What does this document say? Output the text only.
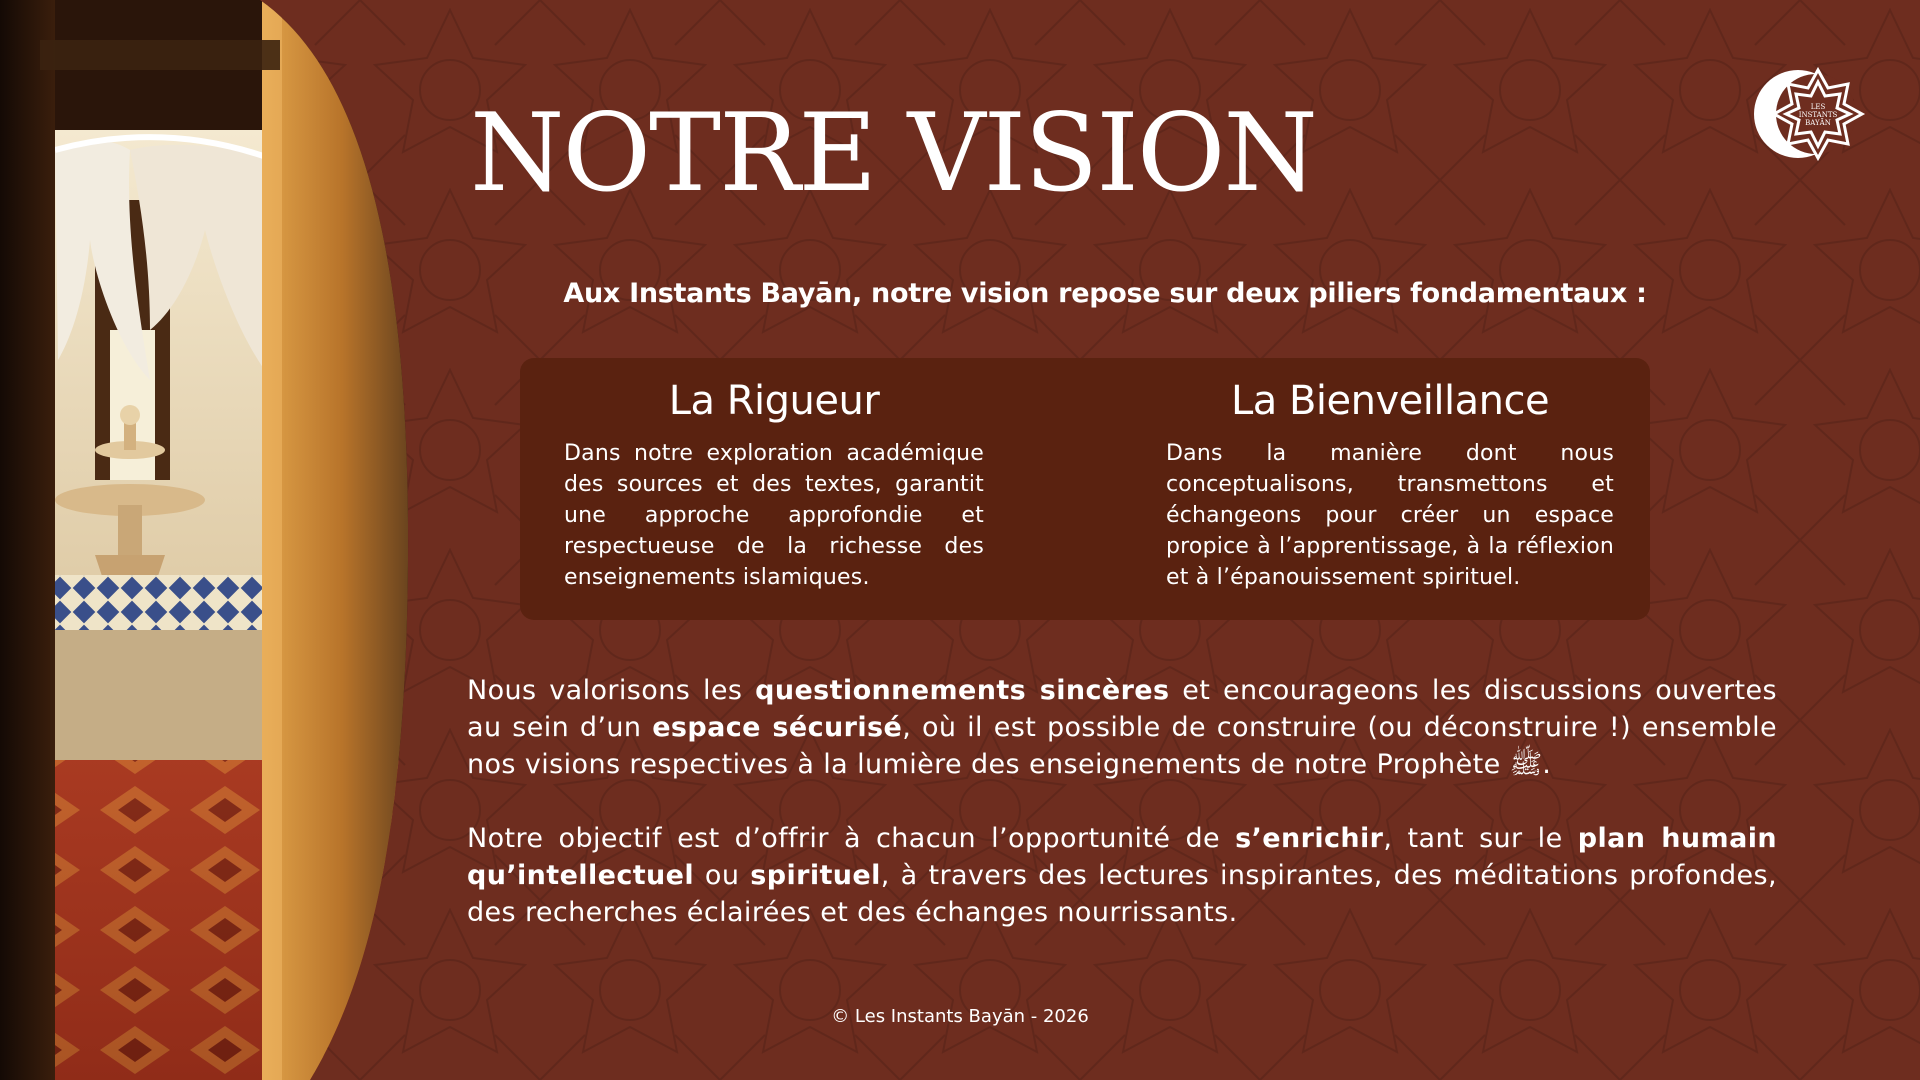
LES
INSTANTS
BAYĀN
NOTRE VISION
Aux Instants Bayān, notre vision repose sur deux piliers fondamentaux :
La Rigueur

Dans notre exploration académique des sources et des textes, garantit une approche approfondie et respectueuse de la richesse des enseignements islamiques.

La Bienveillance

Dans la manière dont nous conceptualisons, transmettons et échangeons pour créer un espace propice à l’apprentissage, à la réflexion et à l’épanouissement spirituel.

Nous valorisons les questionnements sincères et encourageons les discussions ouvertes au sein d’un espace sécurisé, où il est possible de construire (ou déconstruire !) ensemble nos visions respectives à la lumière des enseignements de notre Prophète ﷺ.

Notre objectif est d’offrir à chacun l’opportunité de s’enrichir, tant sur le plan humain qu’intellectuel ou spirituel, à travers des lectures inspirantes, des méditations profondes, des recherches éclairées et des échanges nourrissants.

© Les Instants Bayān - 2026
